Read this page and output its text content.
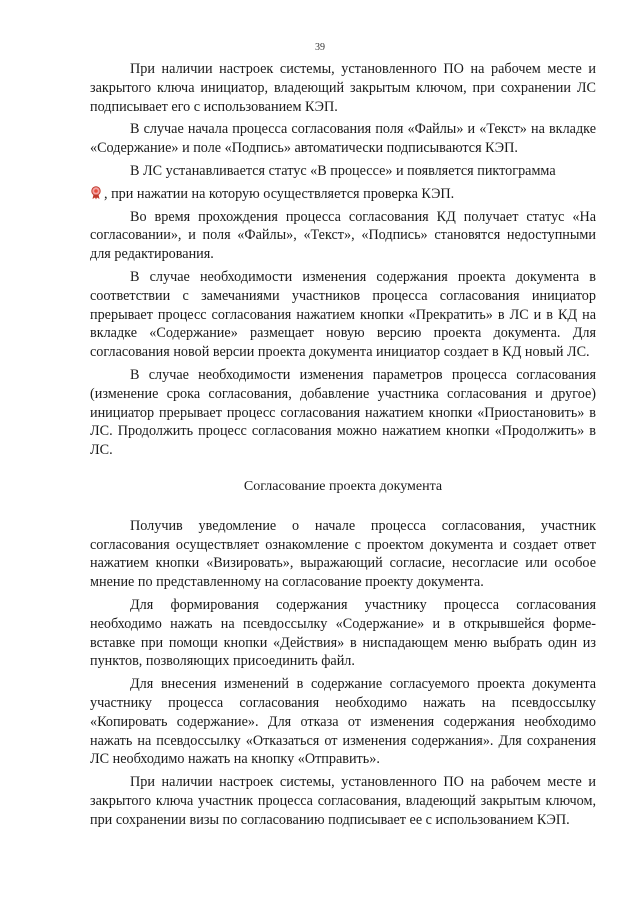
39

При наличии настроек системы, установленного ПО на рабочем месте и закрытого ключа инициатор, владеющий закрытым ключом, при сохранении ЛС подписывает его с использованием КЭП.

В случае начала процесса согласования поля «Файлы» и «Текст» на вкладке «Содержание» и поле «Подпись» автоматически подписываются КЭП.

В ЛС устанавливается статус «В процессе» и появляется пиктограмма

, при нажатии на которую осуществляется проверка КЭП.

Во время прохождения процесса согласования КД получает статус «На согласовании», и поля «Файлы», «Текст», «Подпись» становятся недоступными для редактирования.

В случае необходимости изменения содержания проекта документа в соответствии с замечаниями участников процесса согласования инициатор прерывает процесс согласования нажатием кнопки «Прекратить» в ЛС и в КД на вкладке «Содержание» размещает новую версию проекта документа. Для согласования новой версии проекта документа инициатор создает в КД новый ЛС.

В случае необходимости изменения параметров процесса согласования (изменение срока согласования, добавление участника согласования и другое) инициатор прерывает процесс согласования нажатием кнопки «Приостановить» в ЛС. Продолжить процесс согласования можно нажатием кнопки «Продолжить» в ЛС.

Согласование проекта документа

Получив уведомление о начале процесса согласования, участник согласования осуществляет ознакомление с проектом документа и создает ответ нажатием кнопки «Визировать», выражающий согласие, несогласие или особое мнение по представленному на согласование проекту документа.

Для формирования содержания участнику процесса согласования необходимо нажать на псевдоссылку «Содержание» и в открывшейся форме-вставке при помощи кнопки «Действия» в ниспадающем меню выбрать один из пунктов, позволяющих присоединить файл.

Для внесения изменений в содержание согласуемого проекта документа участнику процесса согласования необходимо нажать на псевдоссылку «Копировать содержание». Для отказа от изменения содержания необходимо нажать на псевдоссылку «Отказаться от изменения содержания». Для сохранения ЛС необходимо нажать на кнопку «Отправить».

При наличии настроек системы, установленного ПО на рабочем месте и закрытого ключа участник процесса согласования, владеющий закрытым ключом, при сохранении визы по согласованию подписывает ее с использованием КЭП.
